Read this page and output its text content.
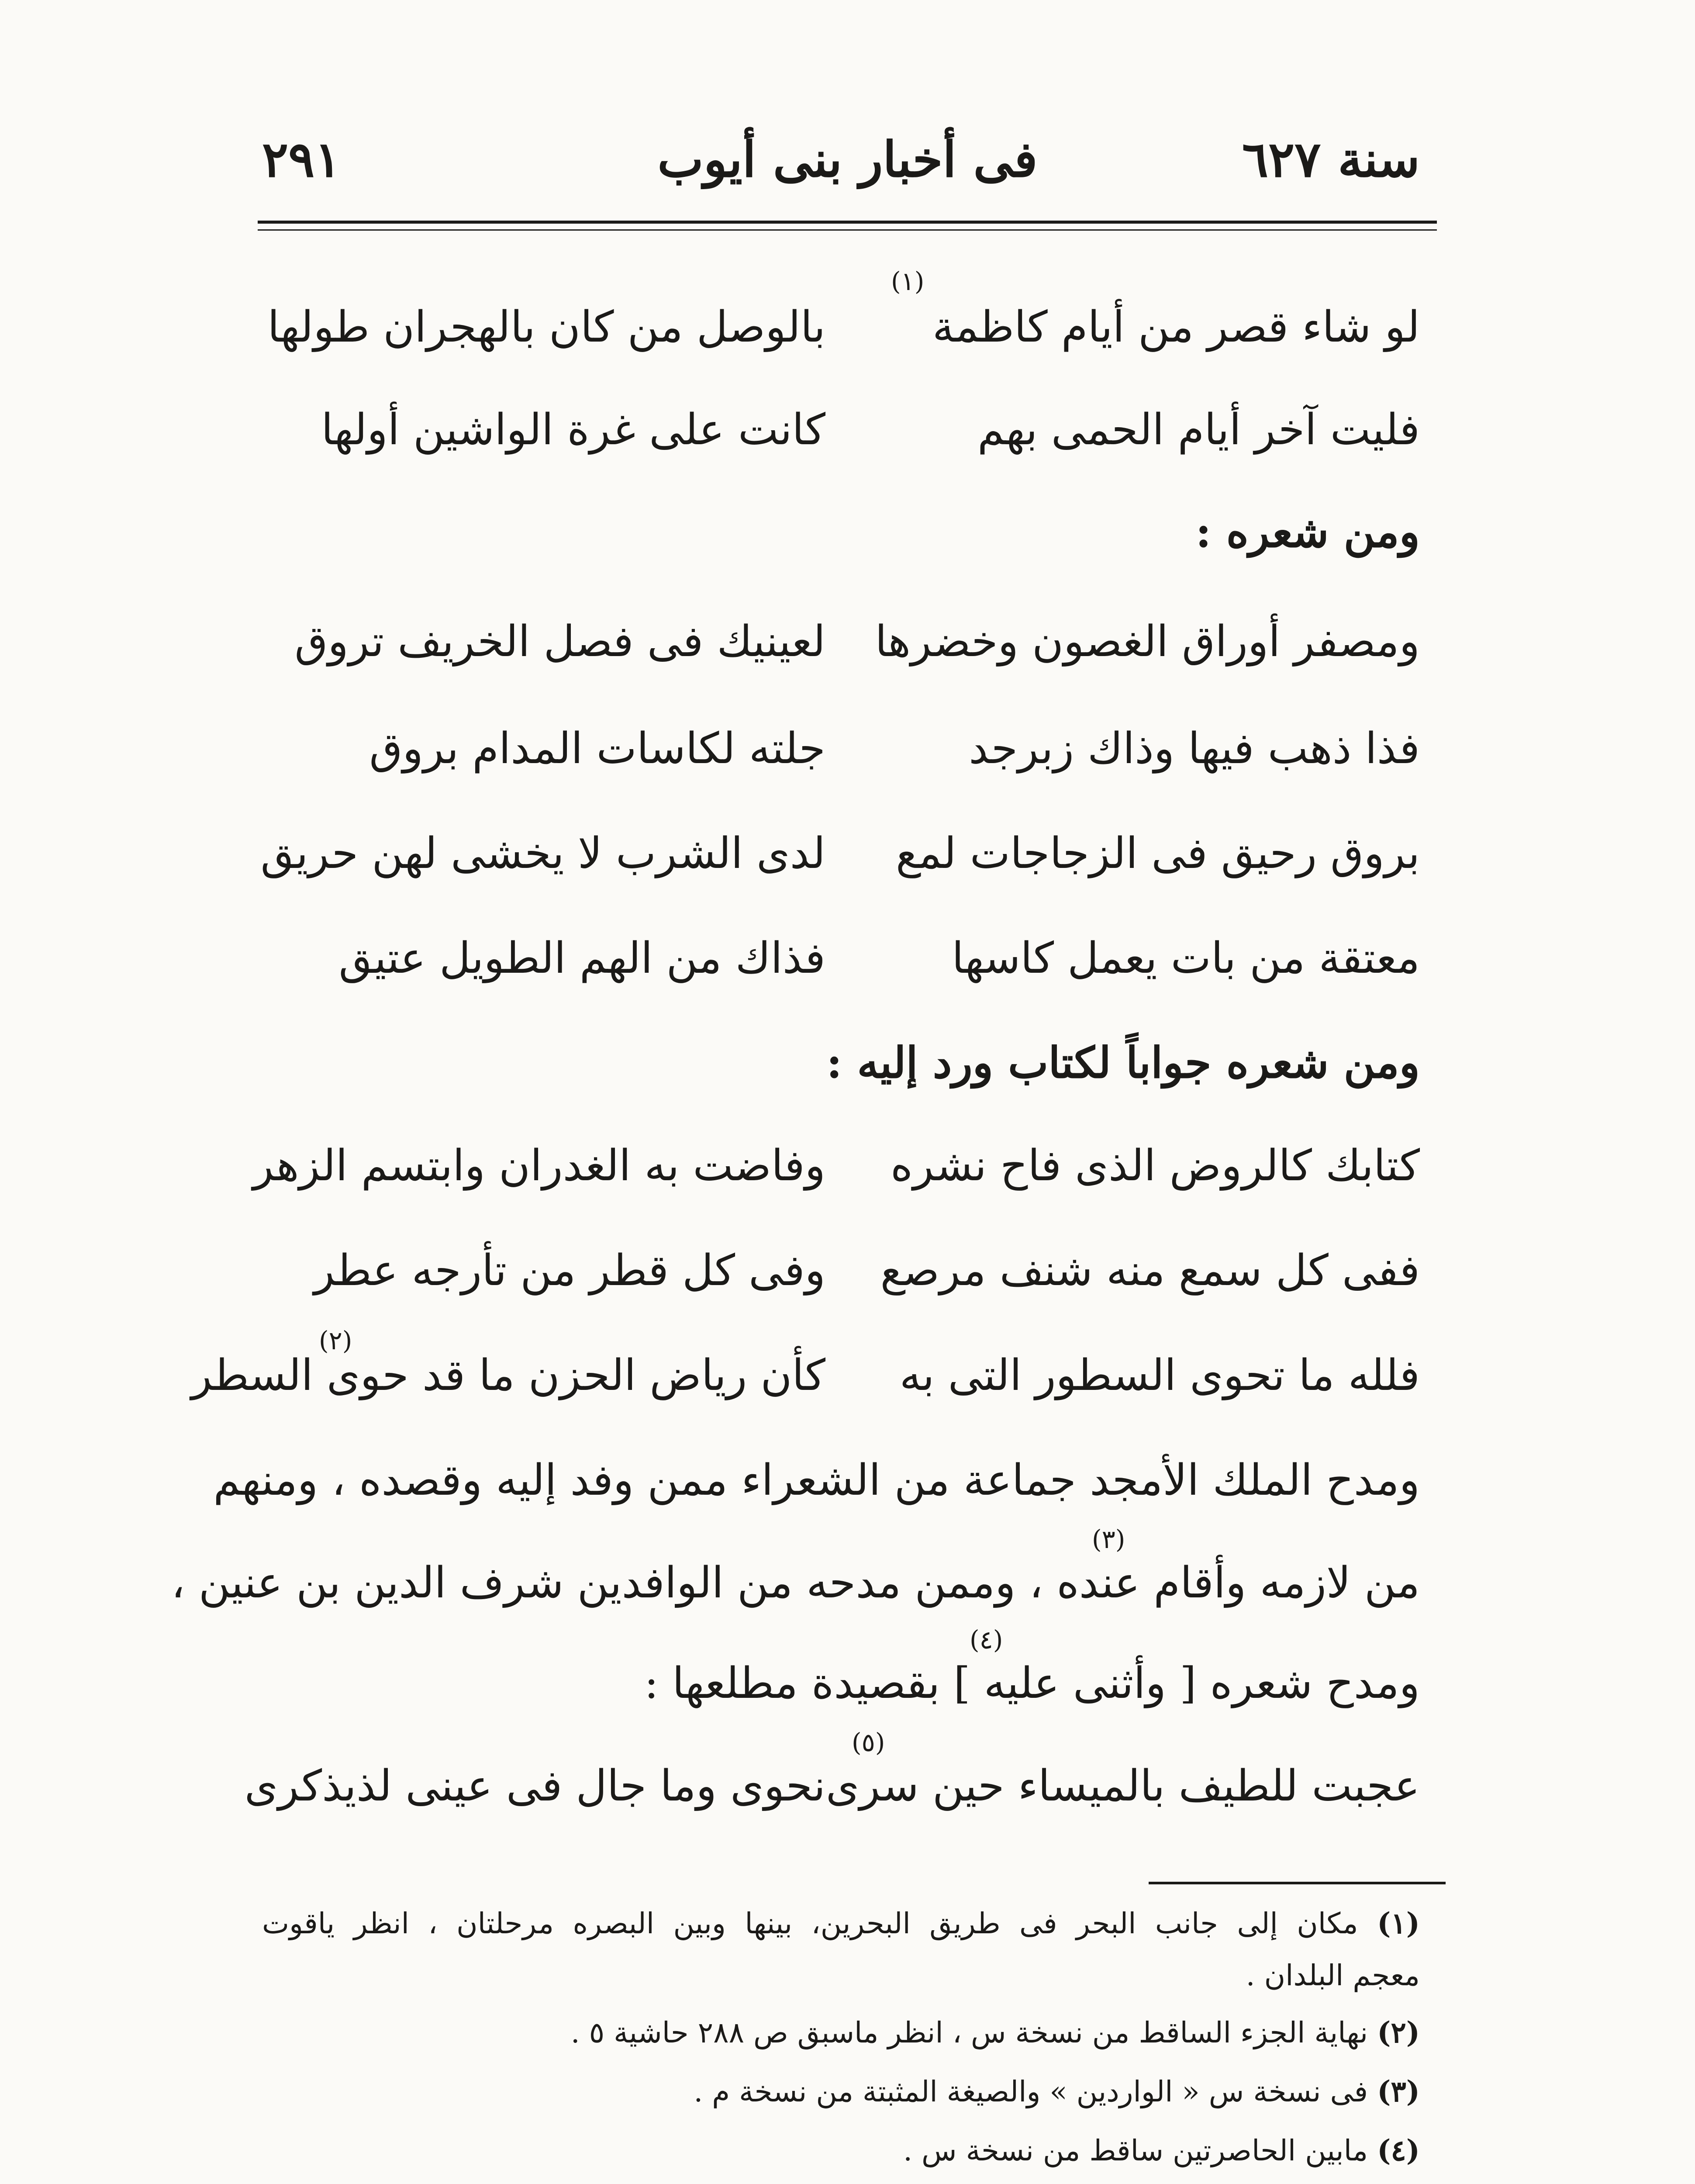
سنة ٦٢٧
فى أخبار بنى أيوب
٢٩١
(١)
لو شاء قصر من أيام كاظمة
بالوصل من كان بالهجران طولها
فليت آخر أيام الحمى بهم
كانت على غرة الواشين أولها
ومن شعره :
ومصفر أوراق الغصون وخضرها
لعينيك فى فصل الخريف تروق
فذا ذهب فيها وذاك زبرجد
جلته لكاسات المدام بروق
بروق رحيق فى الزجاجات لمع
لدى الشرب لا يخشى لهن حريق
معتقة من بات يعمل كاسها
فذاك من الهم الطويل عتيق
ومن شعره جواباً لكتاب ورد إليه :
كتابك كالروض الذى فاح نشره
وفاضت به الغدران وابتسم الزهر
ففى كل سمع منه شنف مرصع
وفى كل قطر من تأرجه عطر
(٢)
فلله ما تحوى السطور التى به
كأن رياض الحزن ما قد حوى السطر
ومدح الملك الأمجد جماعة من الشعراء ممن وفد إليه وقصده ، ومنهم
(٣)
من لازمه وأقام عنده ، وممن مدحه من الوافدين شرف الدين بن عنين ،
(٤)
ومدح شعره [ وأثنى عليه ] بقصيدة مطلعها :
(٥)
عجبت للطيف بالميساء حين سرى
نحوى وما جال فى عينى لذيذكرى
(١) مكان إلى جانب البحر فى طريق البحرين، بينها وبين البصره مرحلتان ، انظر ياقوت
معجم البلدان .
(٢) نهاية الجزء الساقط من نسخة س ، انظر ماسبق ص ٢٨٨ حاشية ٥ .
(٣) فى نسخة س « الواردين » والصيغة المثبتة من نسخة م .
(٤) مابين الحاصرتين ساقط من نسخة س .
